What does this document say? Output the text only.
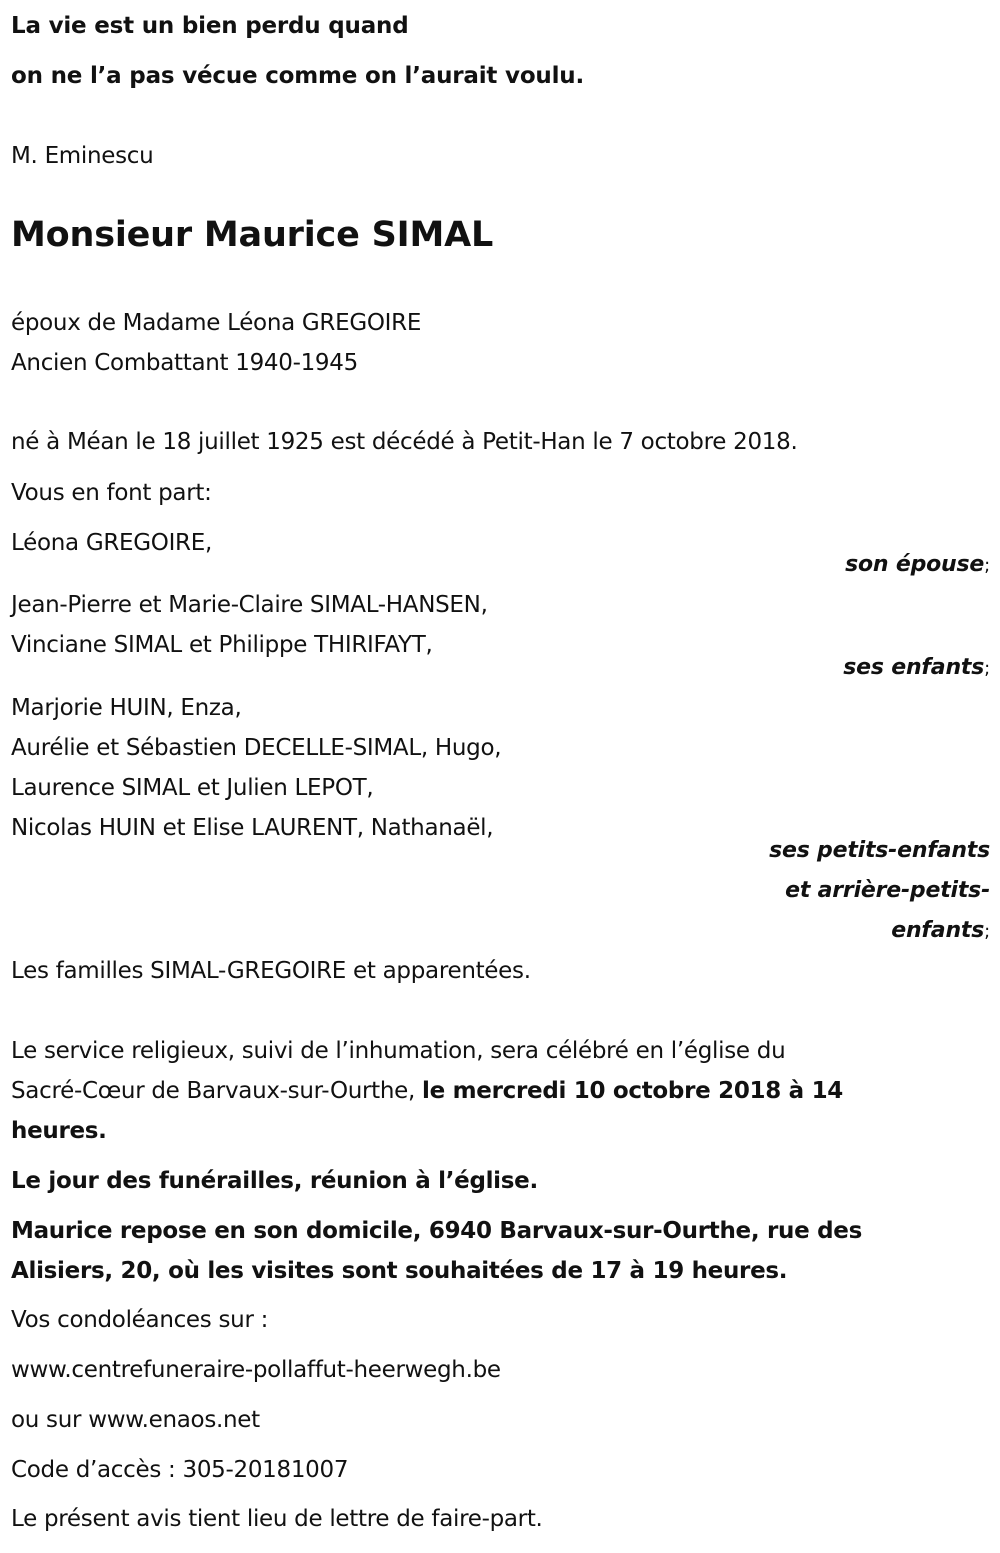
La vie est un bien perdu quand
on ne l’a pas vécue comme on l’aurait voulu.
M. Eminescu
Monsieur Maurice SIMAL
époux de Madame Léona GREGOIRE
Ancien Combattant 1940-1945
né à Méan le 18 juillet 1925 est décédé à Petit-Han le 7 octobre 2018.
Vous en font part:
Léona GREGOIRE,
son épouse;
Jean-Pierre et Marie-Claire SIMAL-HANSEN,
Vinciane SIMAL et Philippe THIRIFAYT,
ses enfants;
Marjorie HUIN, Enza,
Aurélie et Sébastien DECELLE-SIMAL, Hugo,
Laurence SIMAL et Julien LEPOT,
Nicolas HUIN et Elise LAURENT, Nathanaël,
ses petits-enfants
et arrière-petits-
enfants;
Les familles SIMAL-GREGOIRE et apparentées.
Le service religieux, suivi de l’inhumation, sera célébré en l’église du
Sacré-Cœur de Barvaux-sur-Ourthe, le mercredi 10 octobre 2018 à 14
heures.
Le jour des funérailles, réunion à l’église.
Maurice repose en son domicile, 6940 Barvaux-sur-Ourthe, rue des
Alisiers, 20, où les visites sont souhaitées de 17 à 19 heures.
Vos condoléances sur :
www.centrefuneraire-pollaffut-heerwegh.be
ou sur www.enaos.net
Code d’accès : 305-20181007
Le présent avis tient lieu de lettre de faire-part.
